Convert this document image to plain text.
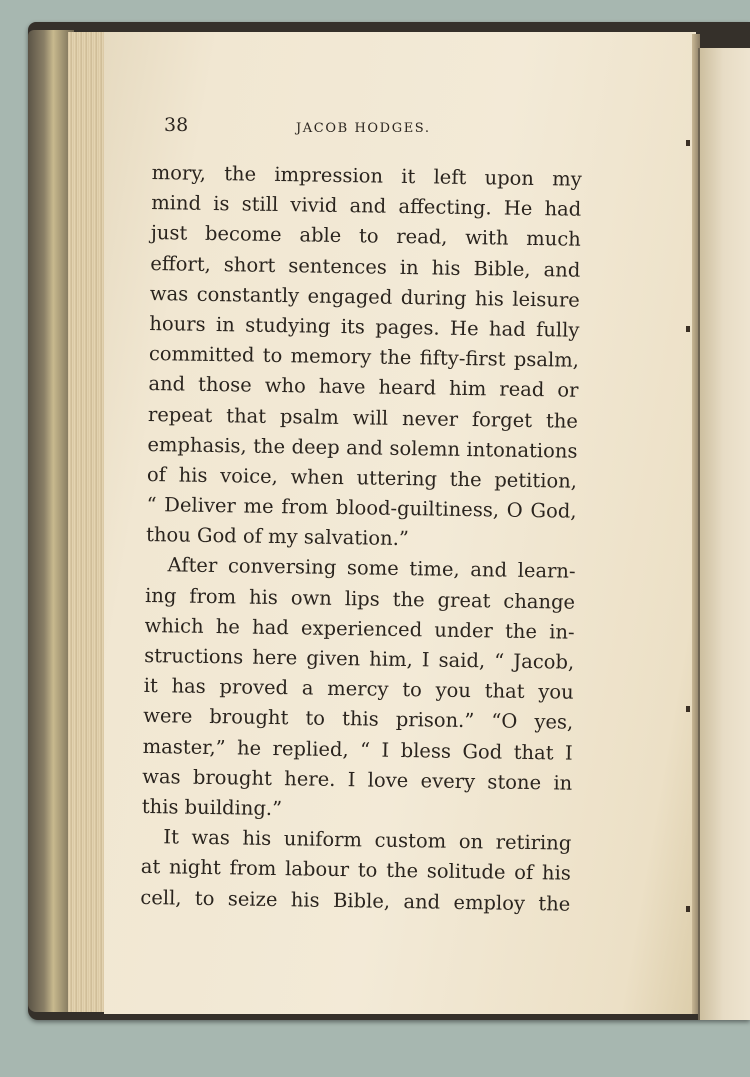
38	JACOB HODGES.
mory, the impression it left upon my
mind is still vivid and affecting. He had
just become able to read, with much
effort, short sentences in his Bible, and
was constantly engaged during his leisure
hours in studying its pages. He had fully
committed to memory the fifty-first psalm,
and those who have heard him read or
repeat that psalm will never forget the
emphasis, the deep and solemn intonations
of his voice, when uttering the petition,
“ Deliver me from blood-guiltiness, O God,
thou God of my salvation.”
After conversing some time, and learn-
ing from his own lips the great change
which he had experienced under the in-
structions here given him, I said, “ Jacob,
it has proved a mercy to you that you
were brought to this prison.” “O yes,
master,” he replied, “ I bless God that I
was brought here. I love every stone in
this building.”
It was his uniform custom on retiring
at night from labour to the solitude of his
cell, to seize his Bible, and employ the
